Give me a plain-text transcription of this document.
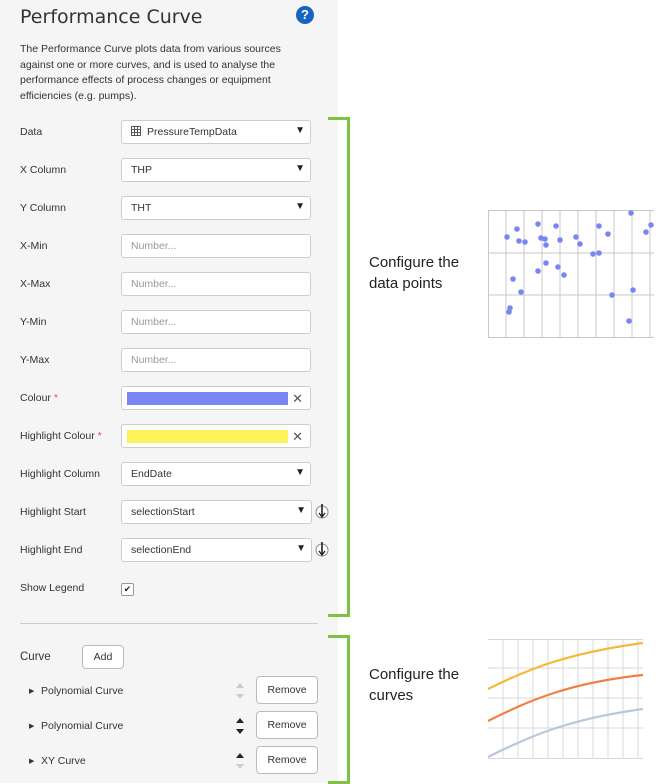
Performance Curve	?
The Performance Curve plots data from various sources against one or more curves, and is used to analyse the performance effects of process changes or equipment efficiencies (e.g. pumps).
Data	PressureTempData	▼
X Column	THP	▼
Y Column	THT	▼
X-Min	Number...
X-Max	Number...
Y-Min	Number...
Y-Max	Number...
Colour *	✕
Highlight Colour *	✕
Highlight Column	EndDate	▼
Highlight Start	selectionStart	▼
Highlight End	selectionEnd	▼
Show Legend	✔
Curve	Add
▶ Polynomial Curve	Remove
▶ Polynomial Curve	Remove
▶ XY Curve	Remove
Configure the
data points
Configure the
curves
